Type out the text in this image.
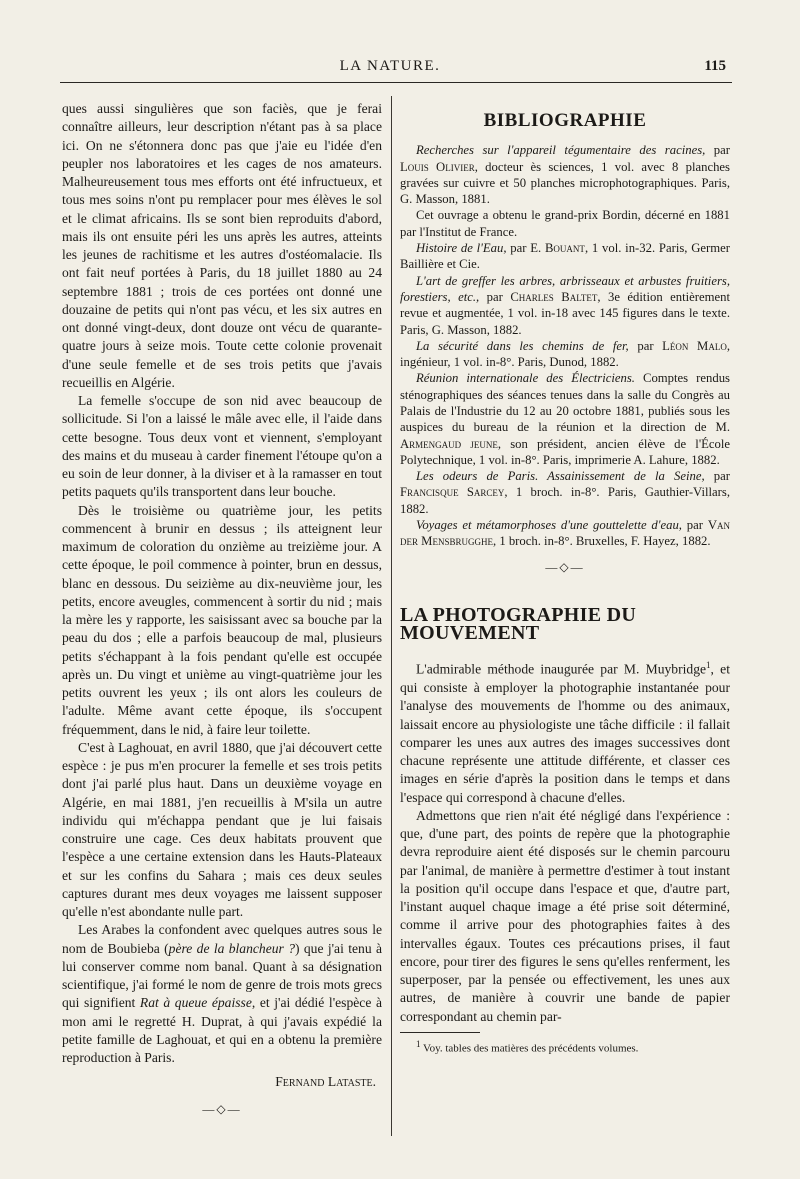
LA NATURE.	115

ques aussi singulières que son faciès, que je ferai connaître ailleurs, leur description n'étant pas à sa place ici. On ne s'étonnera donc pas que j'aie eu l'idée d'en peupler nos laboratoires et les cages de nos amateurs. Malheureusement tous mes efforts ont été infructueux, et tous mes soins n'ont pu remplacer pour mes élèves le sol et le climat africains. Ils se sont bien reproduits d'abord, mais ils ont ensuite péri les uns après les autres, atteints les jeunes de rachitisme et les autres d'ostéomalacie. Ils ont fait neuf portées à Paris, du 18 juillet 1880 au 24 septembre 1881 ; trois de ces portées ont donné une douzaine de petits qui n'ont pas vécu, et les six autres en ont donné vingt-deux, dont douze ont vécu de quarante-quatre jours à seize mois. Toute cette colonie provenait d'une seule femelle et de ses trois petits que j'avais recueillis en Algérie.

La femelle s'occupe de son nid avec beaucoup de sollicitude. Si l'on a laissé le mâle avec elle, il l'aide dans cette besogne. Tous deux vont et viennent, s'employant des mains et du museau à carder finement l'étoupe qu'on a eu soin de leur donner, à la diviser et à la ramasser en tout petits paquets qu'ils transportent dans leur bouche.

Dès le troisième ou quatrième jour, les petits commencent à brunir en dessus ; ils atteignent leur maximum de coloration du onzième au treizième jour. A cette époque, le poil commence à pointer, brun en dessus, blanc en dessous. Du seizième au dix-neuvième jour, les petits, encore aveugles, commencent à sortir du nid ; mais la mère les y rapporte, les saisissant avec sa bouche par la peau du dos ; elle a parfois beaucoup de mal, plusieurs petits s'échappant à la fois pendant qu'elle est occupée après un. Du vingt et unième au vingt-quatrième jour les petits ouvrent les yeux ; ils ont alors les couleurs de l'adulte. Même avant cette époque, ils s'occupent fréquemment, dans le nid, à faire leur toilette.

C'est à Laghouat, en avril 1880, que j'ai découvert cette espèce : je pus m'en procurer la femelle et ses trois petits dont j'ai parlé plus haut. Dans un deuxième voyage en Algérie, en mai 1881, j'en recueillis à M'sila un autre individu qui m'échappa pendant que je lui faisais construire une cage. Ces deux habitats prouvent que l'espèce a une certaine extension dans les Hauts-Plateaux et sur les confins du Sahara ; mais ces deux seules captures durant mes deux voyages me laissent supposer qu'elle n'est abondante nulle part.

Les Arabes la confondent avec quelques autres sous le nom de Boubieba (père de la blancheur ?) que j'ai tenu à lui conserver comme nom banal. Quant à sa désignation scientifique, j'ai formé le nom de genre de trois mots grecs qui signifient Rat à queue épaisse, et j'ai dédié l'espèce à mon ami le regretté H. Duprat, à qui j'avais expédié la petite famille de Laghouat, et qui en a obtenu la première reproduction à Paris.

Fernand Lataste.
—◇—
BIBLIOGRAPHIE

Recherches sur l'appareil tégumentaire des racines, par Louis Olivier, docteur ès sciences, 1 vol. avec 8 planches gravées sur cuivre et 50 planches microphotographiques. Paris, G. Masson, 1881.

Cet ouvrage a obtenu le grand-prix Bordin, décerné en 1881 par l'Institut de France.

Histoire de l'Eau, par E. Bouant, 1 vol. in-32. Paris, Germer Baillière et Cie.

L'art de greffer les arbres, arbrisseaux et arbustes fruitiers, forestiers, etc., par Charles Baltet, 3e édition entièrement revue et augmentée, 1 vol. in-18 avec 145 figures dans le texte. Paris, G. Masson, 1882.

La sécurité dans les chemins de fer, par Léon Malo, ingénieur, 1 vol. in-8°. Paris, Dunod, 1882.

Réunion internationale des Électriciens. Comptes rendus sténographiques des séances tenues dans la salle du Congrès au Palais de l'Industrie du 12 au 20 octobre 1881, publiés sous les auspices du bureau de la réunion et la direction de M. Armengaud jeune, son président, ancien élève de l'École Polytechnique, 1 vol. in-8°. Paris, imprimerie A. Lahure, 1882.

Les odeurs de Paris. Assainissement de la Seine, par Francisque Sarcey, 1 broch. in-8°. Paris, Gauthier-Villars, 1882.

Voyages et métamorphoses d'une gouttelette d'eau, par Van der Mensbrugghe, 1 broch. in-8°. Bruxelles, F. Hayez, 1882.

—◇—
LA PHOTOGRAPHIE DU MOUVEMENT

L'admirable méthode inaugurée par M. Muybridge$^1$, et qui consiste à employer la photographie instantanée pour l'analyse des mouvements de l'homme ou des animaux, laissait encore au physiologiste une tâche difficile : il fallait comparer les unes aux autres des images successives dont chacune représente une attitude différente, et classer ces images en série d'après la position dans le temps et dans l'espace qui correspond à chacune d'elles.

Admettons que rien n'ait été négligé dans l'expérience : que, d'une part, des points de repère que la photographie devra reproduire aient été disposés sur le chemin parcouru par l'animal, de manière à permettre d'estimer à tout instant la position qu'il occupe dans l'espace et que, d'autre part, l'instant auquel chaque image a été prise soit déterminé, comme il arrive pour des photographies faites à des intervalles égaux. Toutes ces précautions prises, il faut encore, pour tirer des figures le sens qu'elles renferment, les superposer, par la pensée ou effectivement, les unes aux autres, de manière à couvrir une bande de papier correspondant au chemin par-

$^1$ Voy. tables des matières des précédents volumes.
